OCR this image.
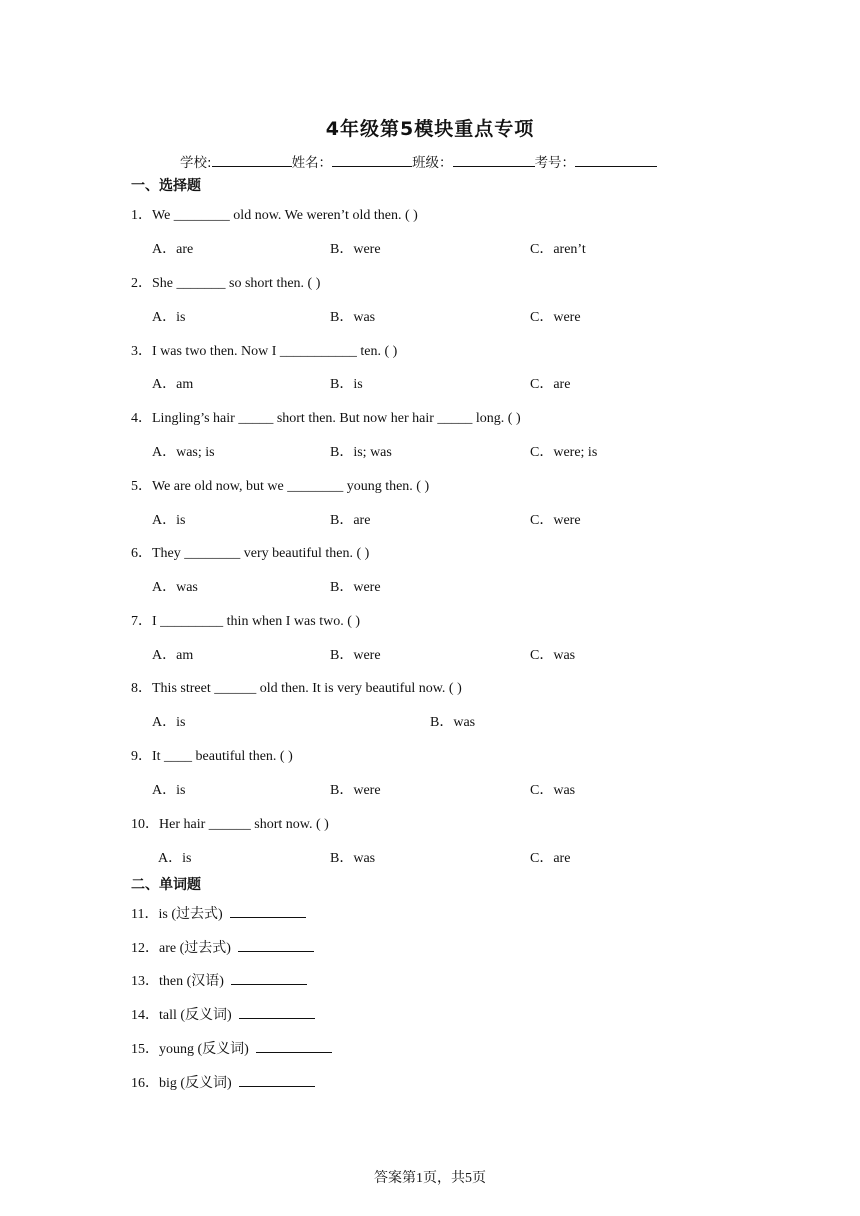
4年级第5模块重点专项
学校:	姓名：	班级：	考号：
一、选择题
1．We ________ old now. We weren’t old then. ( )
A．are	B．were	C．aren’t
2．She _______ so short then. ( )
A．is	B．was	C．were
3．I was two then. Now I ___________ ten. ( )
A．am	B．is	C．are
4．Lingling’s hair _____ short then. But now her hair _____ long. ( )
A．was; is	B．is; was	C．were; is
5．We are old now, but we ________ young then. ( )
A．is	B．are	C．were
6．They ________ very beautiful then. ( )
A．was	B．were
7．I _________ thin when I was two. ( )
A．am	B．were	C．was
8．This street ______ old then. It is very beautiful now. ( )
A．is	B．was
9．It ____ beautiful then. ( )
A．is	B．were	C．was
10．Her hair ______ short now. ( )
A．is	B．was	C．are
二、单词题
11．is (过去式)
12．are (过去式)
13．then (汉语)
14．tall (反义词)
15．young (反义词)
16．big (反义词)
答案第1页，共5页
